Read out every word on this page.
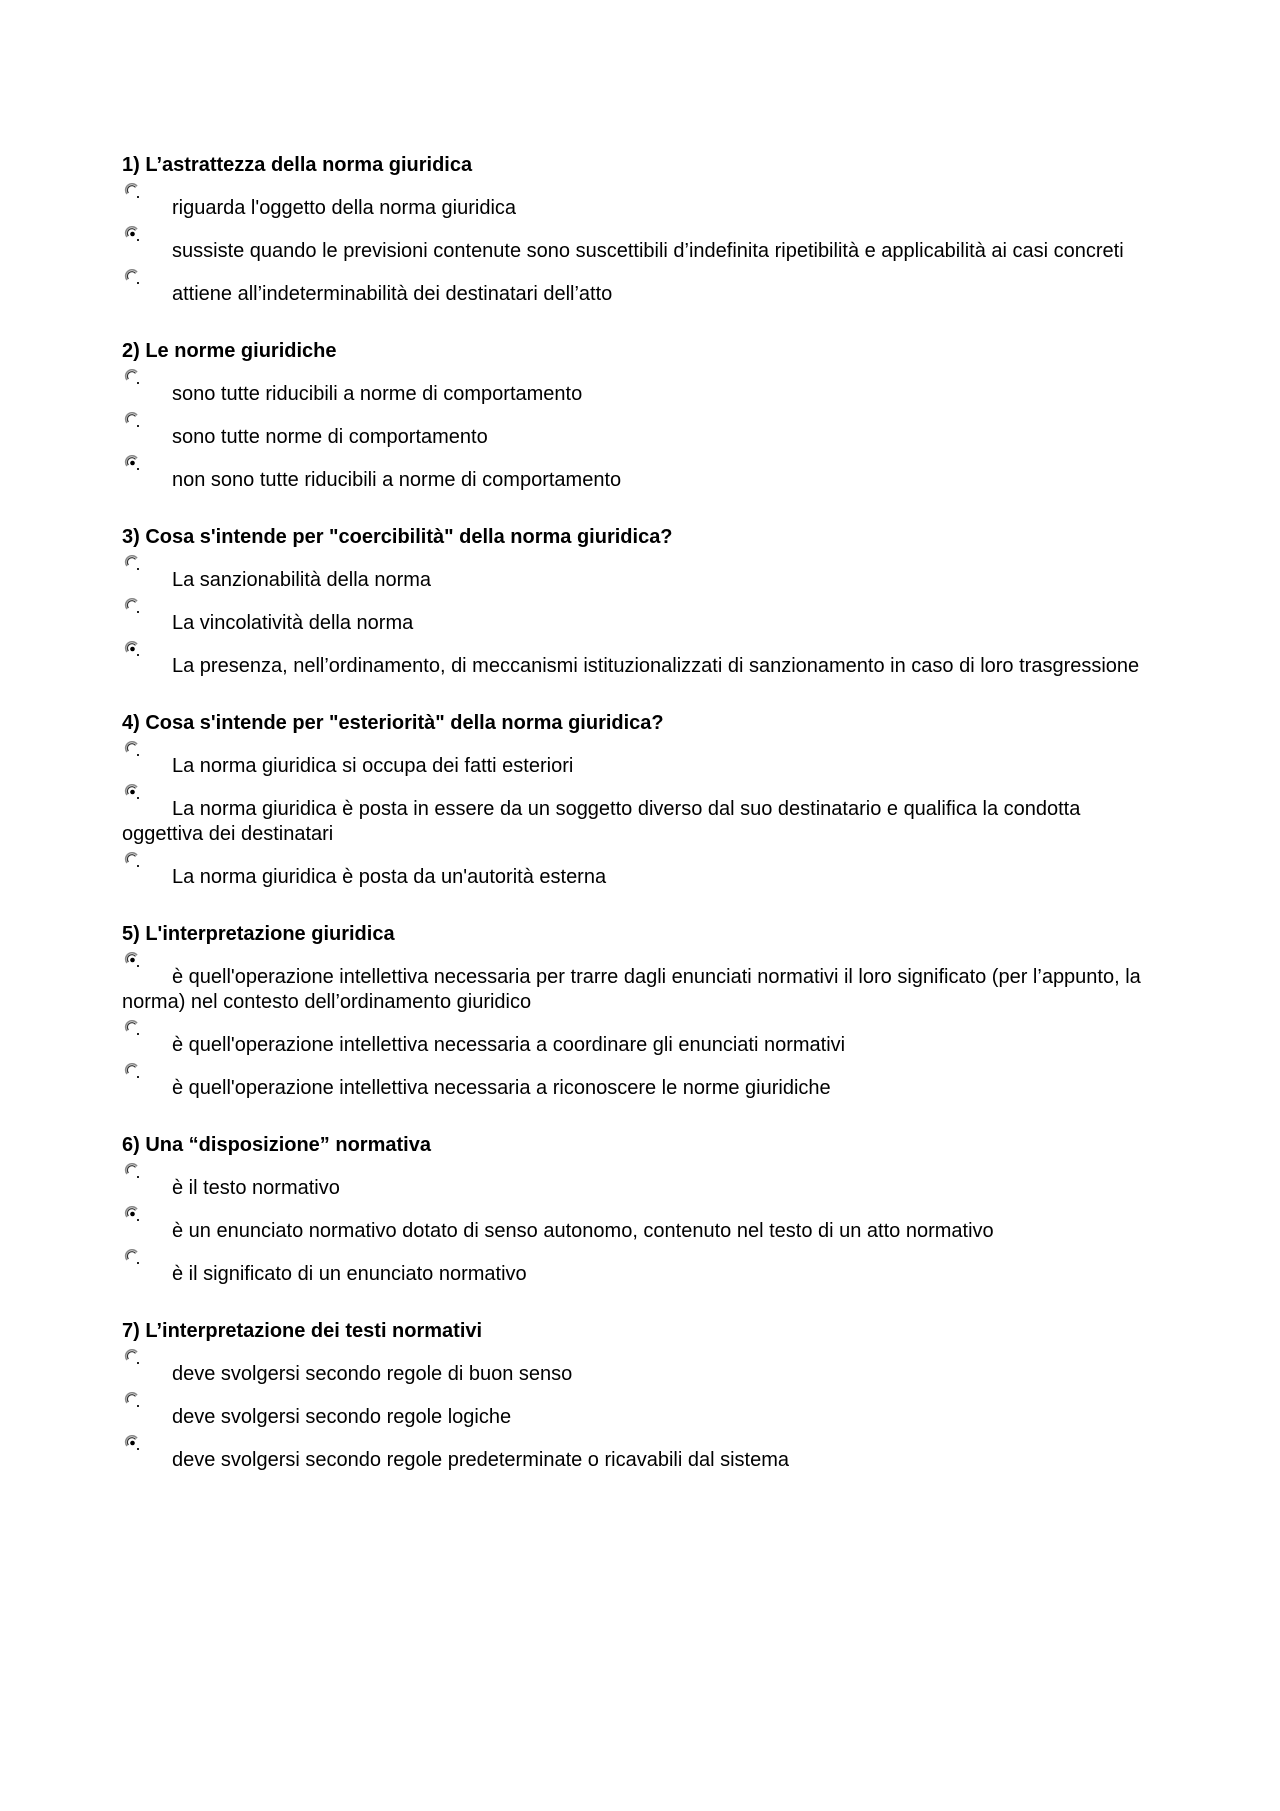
1) L’astrattezza della norma giuridica
riguarda l'oggetto della norma giuridica
sussiste quando le previsioni contenute sono suscettibili d’indefinita ripetibilità e applicabilità ai casi concreti
attiene all’indeterminabilità dei destinatari dell’atto
2) Le norme giuridiche
sono tutte riducibili a norme di comportamento
sono tutte norme di comportamento
non sono tutte riducibili a norme di comportamento
3) Cosa s'intende per "coercibilità" della norma giuridica?
La sanzionabilità della norma
La vincolatività della norma
La presenza, nell’ordinamento, di meccanismi istituzionalizzati di sanzionamento in caso di loro trasgressione
4) Cosa s'intende per "esteriorità" della norma giuridica?
La norma giuridica si occupa dei fatti esteriori
La norma giuridica è posta in essere da un soggetto diverso dal suo destinatario e qualifica la condotta oggettiva dei destinatari
La norma giuridica è posta da un'autorità esterna
5) L'interpretazione giuridica
è quell'operazione intellettiva necessaria per trarre dagli enunciati normativi il loro significato (per l’appunto, la norma) nel contesto dell’ordinamento giuridico
è quell'operazione intellettiva necessaria a coordinare gli enunciati normativi
è quell'operazione intellettiva necessaria a riconoscere le norme giuridiche
6) Una “disposizione” normativa
è il testo normativo
è un enunciato normativo dotato di senso autonomo, contenuto nel testo di un atto normativo
è il significato di un enunciato normativo
7) L’interpretazione dei testi normativi
deve svolgersi secondo regole di buon senso
deve svolgersi secondo regole logiche
deve svolgersi secondo regole predeterminate o ricavabili dal sistema
